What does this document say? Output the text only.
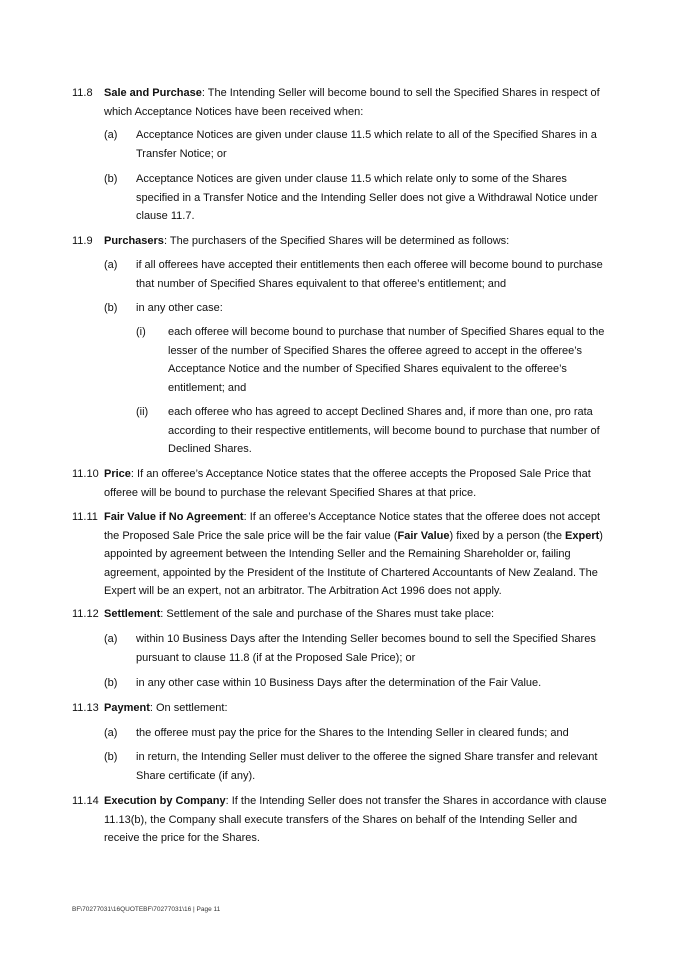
11.8 Sale and Purchase: The Intending Seller will become bound to sell the Specified Shares in respect of which Acceptance Notices have been received when:
(a) Acceptance Notices are given under clause 11.5 which relate to all of the Specified Shares in a Transfer Notice; or
(b) Acceptance Notices are given under clause 11.5 which relate only to some of the Shares specified in a Transfer Notice and the Intending Seller does not give a Withdrawal Notice under clause 11.7.
11.9 Purchasers: The purchasers of the Specified Shares will be determined as follows:
(a) if all offerees have accepted their entitlements then each offeree will become bound to purchase that number of Specified Shares equivalent to that offeree’s entitlement; and
(b) in any other case:
(i) each offeree will become bound to purchase that number of Specified Shares equal to the lesser of the number of Specified Shares the offeree agreed to accept in the offeree’s Acceptance Notice and the number of Specified Shares equivalent to the offeree’s entitlement; and
(ii) each offeree who has agreed to accept Declined Shares and, if more than one, pro rata according to their respective entitlements, will become bound to purchase that number of Declined Shares.
11.10 Price: If an offeree’s Acceptance Notice states that the offeree accepts the Proposed Sale Price that offeree will be bound to purchase the relevant Specified Shares at that price.
11.11 Fair Value if No Agreement: If an offeree’s Acceptance Notice states that the offeree does not accept the Proposed Sale Price the sale price will be the fair value (Fair Value) fixed by a person (the Expert) appointed by agreement between the Intending Seller and the Remaining Shareholder or, failing agreement, appointed by the President of the Institute of Chartered Accountants of New Zealand. The Expert will be an expert, not an arbitrator. The Arbitration Act 1996 does not apply.
11.12 Settlement: Settlement of the sale and purchase of the Shares must take place:
(a) within 10 Business Days after the Intending Seller becomes bound to sell the Specified Shares pursuant to clause 11.8 (if at the Proposed Sale Price); or
(b) in any other case within 10 Business Days after the determination of the Fair Value.
11.13 Payment: On settlement:
(a) the offeree must pay the price for the Shares to the Intending Seller in cleared funds; and
(b) in return, the Intending Seller must deliver to the offeree the signed Share transfer and relevant Share certificate (if any).
11.14 Execution by Company: If the Intending Seller does not transfer the Shares in accordance with clause 11.13(b), the Company shall execute transfers of the Shares on behalf of the Intending Seller and receive the price for the Shares.
BF\70277031\16QUOTEBF\70277031\16 | Page 11
